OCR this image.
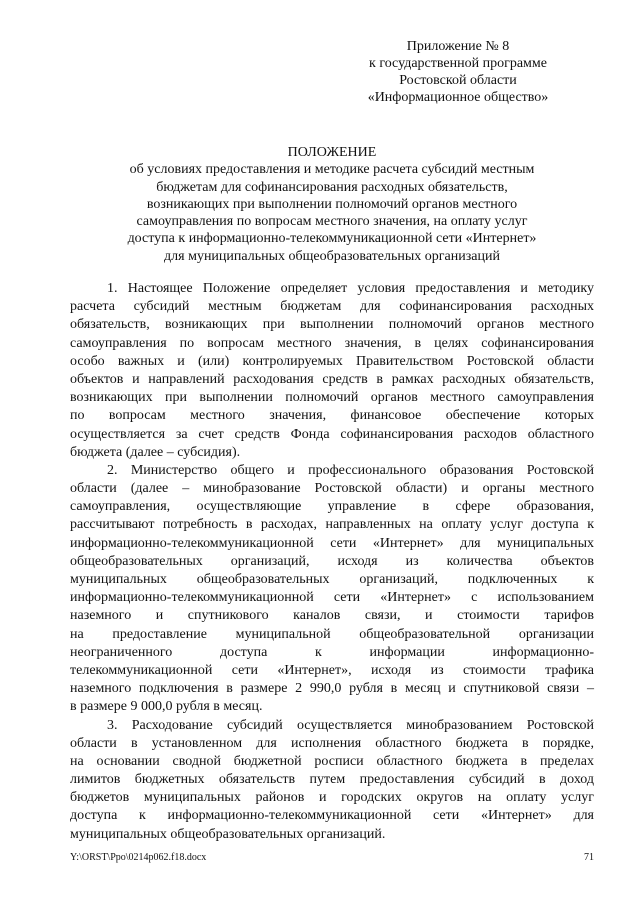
Приложение № 8
к государственной программе
Ростовской области
«Информационное общество»
ПОЛОЖЕНИЕ
об условиях предоставления и методике расчета субсидий местным
бюджетам для софинансирования расходных обязательств,
возникающих при выполнении полномочий органов местного
самоуправления по вопросам местного значения, на оплату услуг
доступа к информационно-телекоммуникационной сети «Интернет»
для муниципальных общеобразовательных организаций
1. Настоящее Положение определяет условия предоставления и методику
расчета субсидий местным бюджетам для софинансирования расходных
обязательств, возникающих при выполнении полномочий органов местного
самоуправления по вопросам местного значения, в целях софинансирования
особо важных и (или) контролируемых Правительством Ростовской области
объектов и направлений расходования средств в рамках расходных обязательств,
возникающих при выполнении полномочий органов местного самоуправления
по вопросам местного значения, финансовое обеспечение которых
осуществляется за счет средств Фонда софинансирования расходов областного
бюджета (далее – субсидия).
2. Министерство общего и профессионального образования Ростовской
области (далее – минобразование Ростовской области) и органы местного
самоуправления, осуществляющие управление в сфере образования,
рассчитывают потребность в расходах, направленных на оплату услуг доступа к
информационно-телекоммуникационной сети «Интернет» для муниципальных
общеобразовательных организаций, исходя из количества объектов
муниципальных общеобразовательных организаций, подключенных к
информационно-телекоммуникационной сети «Интернет» с использованием
наземного и спутникового каналов связи, и стоимости тарифов
на предоставление муниципальной общеобразовательной организации
неограниченного доступа к информации информационно-
телекоммуникационной сети «Интернет», исходя из стоимости трафика
наземного подключения в размере 2 990,0 рубля в месяц и спутниковой связи –
в размере 9 000,0 рубля в месяц.
3. Расходование субсидий осуществляется минобразованием Ростовской
области в установленном для исполнения областного бюджета в порядке,
на основании сводной бюджетной росписи областного бюджета в пределах
лимитов бюджетных обязательств путем предоставления субсидий в доход
бюджетов муниципальных районов и городских округов на оплату услуг
доступа к информационно-телекоммуникационной сети «Интернет» для
муниципальных общеобразовательных организаций.
Y:\ORST\Ppo\0214p062.f18.docx	71
